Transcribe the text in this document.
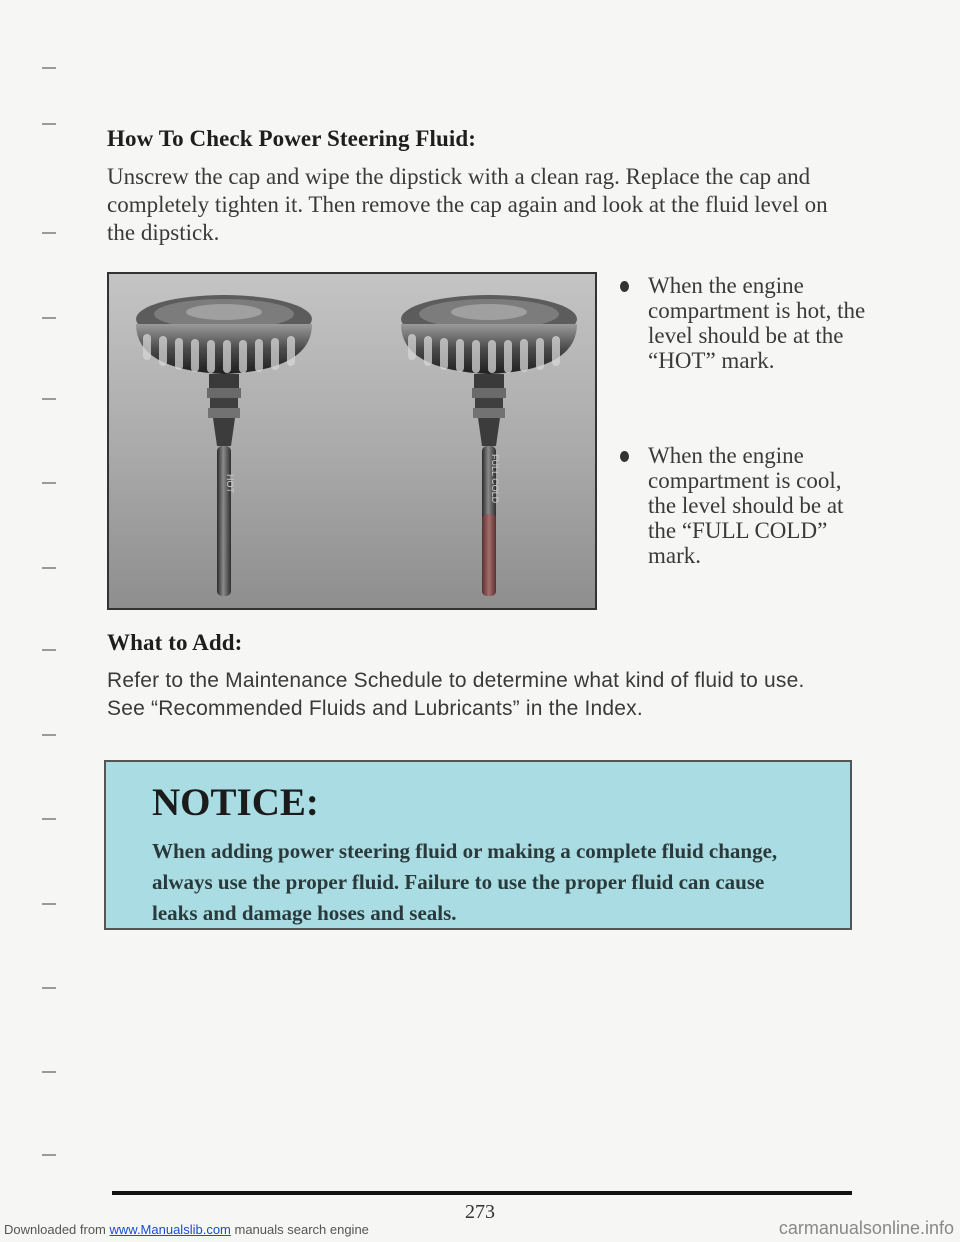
How To Check Power Steering Fluid:
Unscrew the cap and wipe the dipstick with a clean rag. Replace the cap and completely tighten it. Then remove the cap again and look at the fluid level on the dipstick.
HOT	FULL COLD
When the engine compartment is hot, the level should be at the “HOT” mark.
When the engine compartment is cool, the level should be at the “FULL COLD” mark.
What to Add:
Refer to the Maintenance Schedule to determine what kind of fluid to use. See “Recommended Fluids and Lubricants” in the Index.
NOTICE:
When adding power steering fluid or making a complete fluid change, always use the proper fluid. Failure to use the proper fluid can cause leaks and damage hoses and seals.
273
Downloaded from www.Manualslib.com manuals search engine	carmanualsonline.info
